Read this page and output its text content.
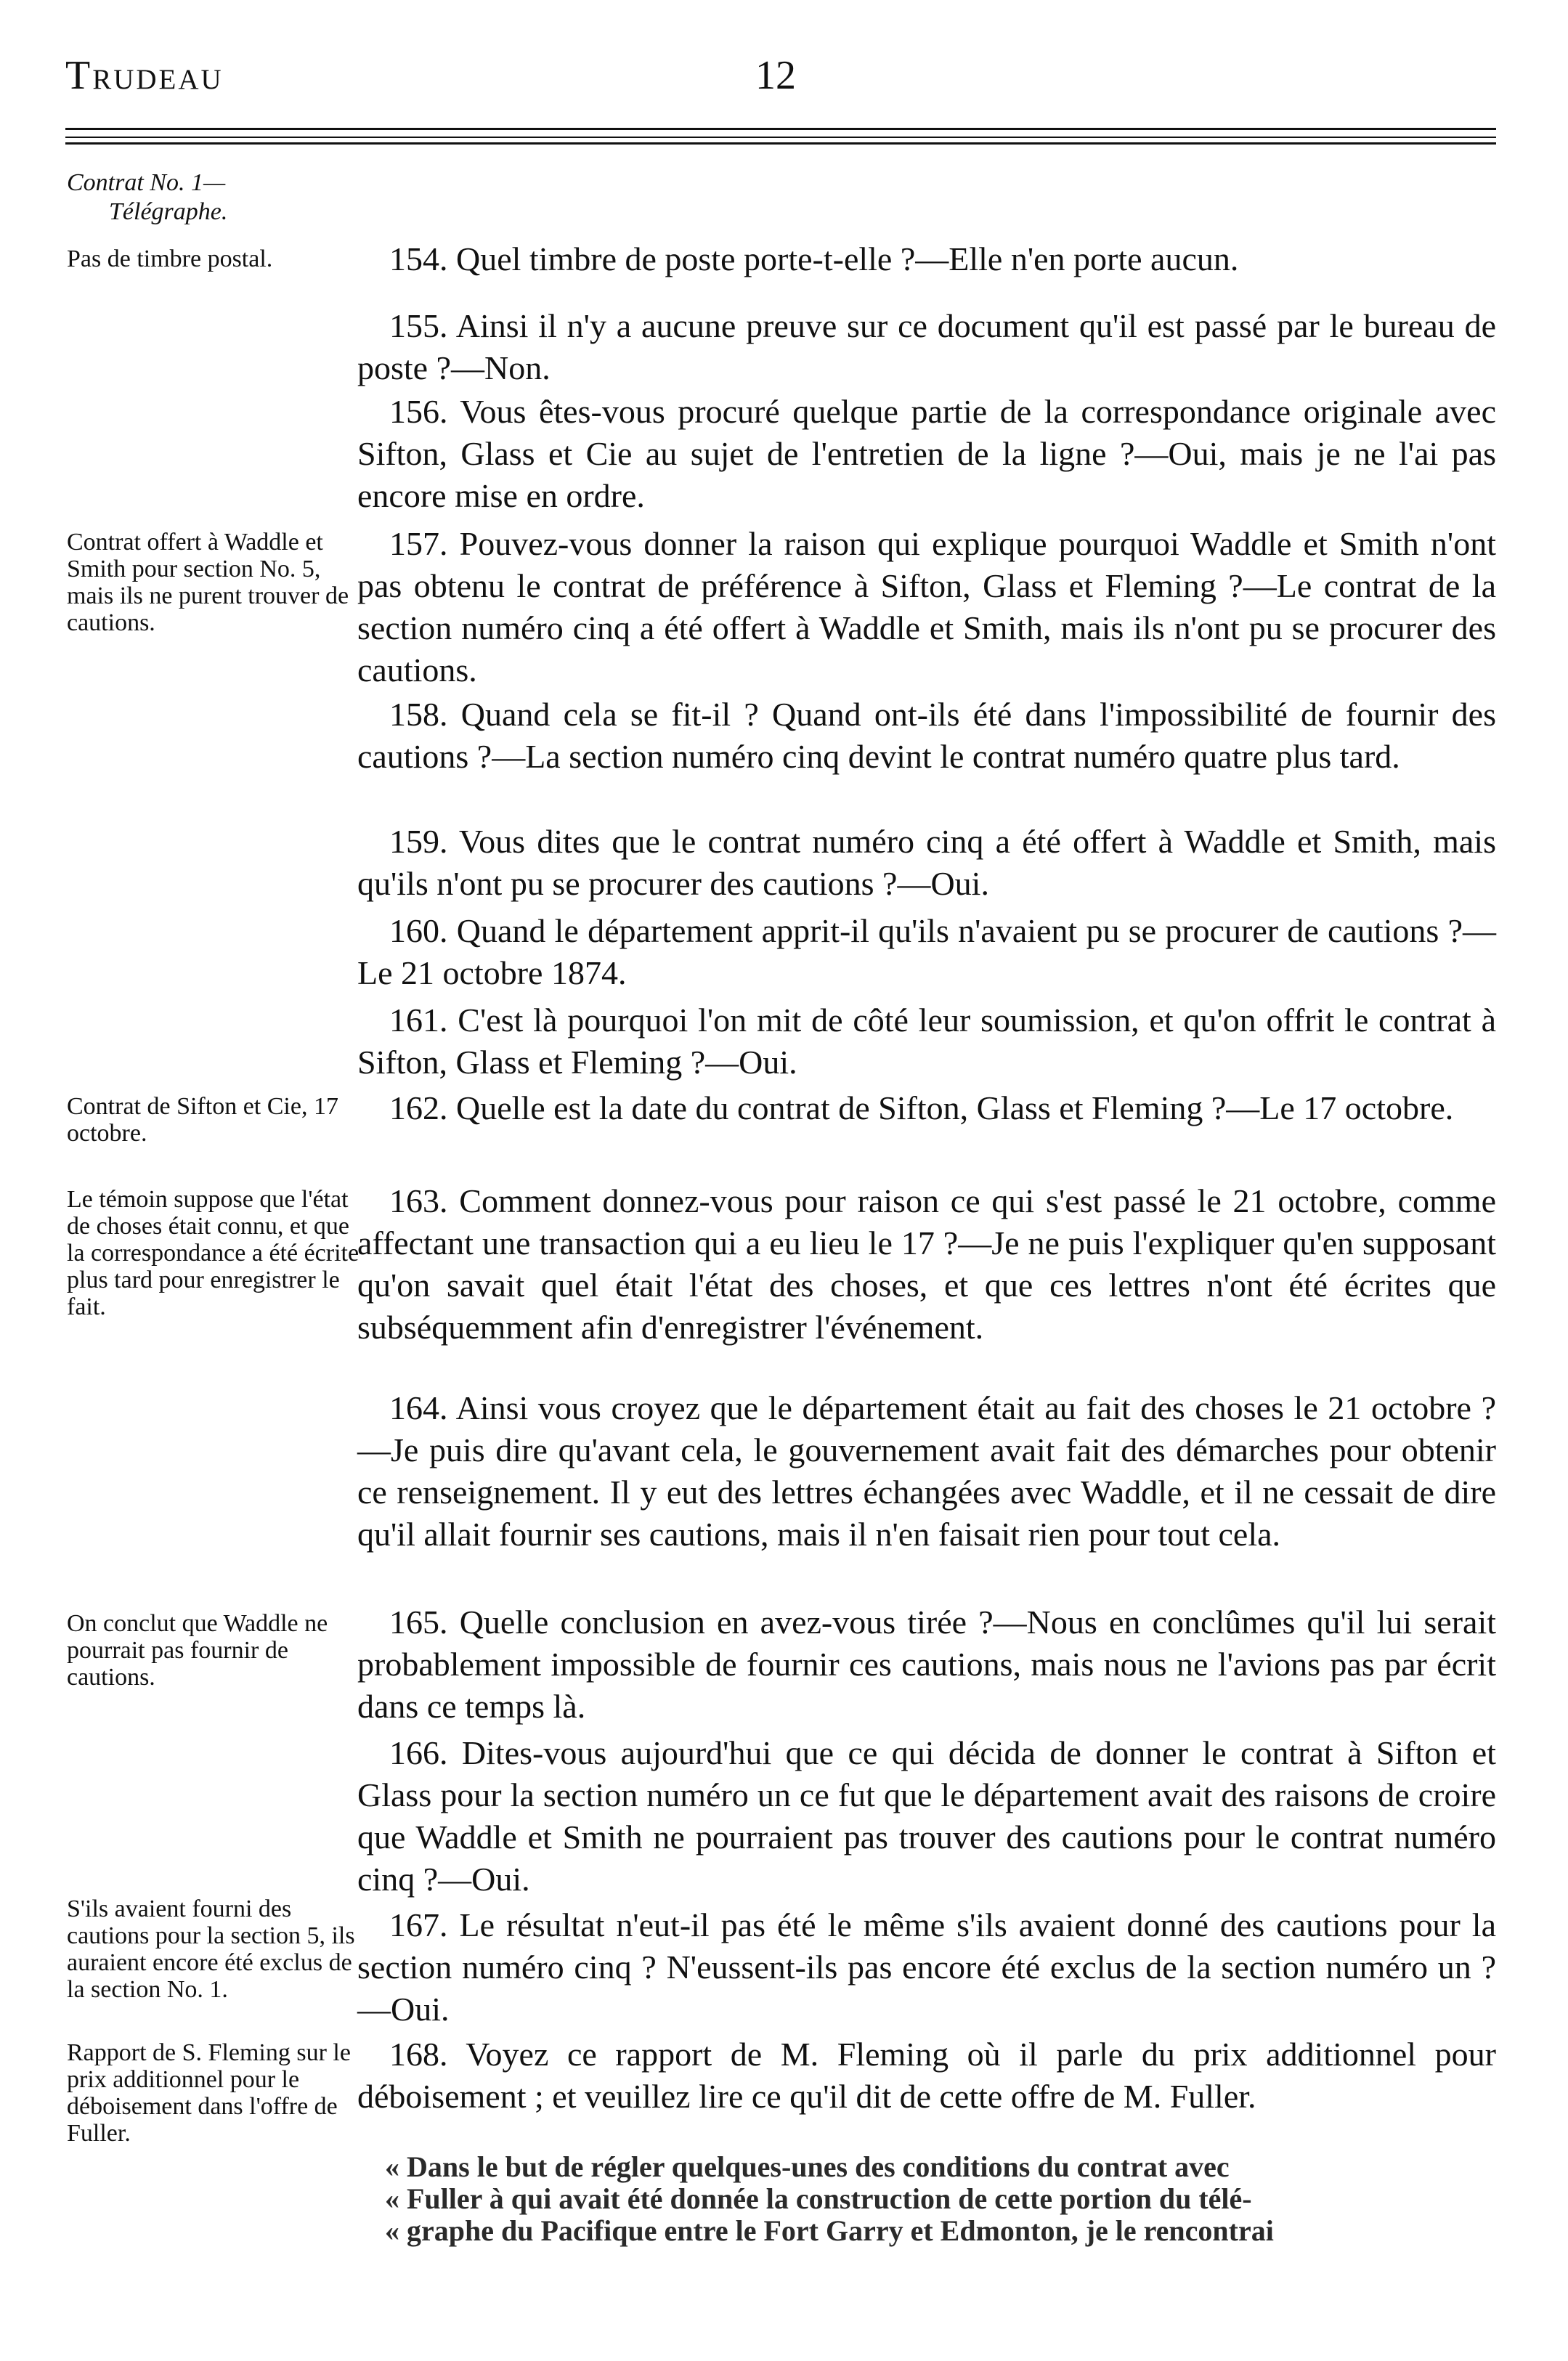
Trudeau	12
Contrat No. 1—
Télégraphe.
Pas de timbre postal.	154. Quel timbre de poste porte-t-elle ?—Elle n'en porte aucun.
155. Ainsi il n'y a aucune preuve sur ce document qu'il est passé par le bureau de poste ?—Non.
156. Vous êtes-vous procuré quelque partie de la correspondance originale avec Sifton, Glass et Cie au sujet de l'entretien de la ligne ?—Oui, mais je ne l'ai pas encore mise en ordre.
Contrat offert à Waddle et Smith pour section No. 5, mais ils ne purent trouver de cautions.
157. Pouvez-vous donner la raison qui explique pourquoi Waddle et Smith n'ont pas obtenu le contrat de préférence à Sifton, Glass et Fleming ?—Le contrat de la section numéro cinq a été offert à Waddle et Smith, mais ils n'ont pu se procurer des cautions.
158. Quand cela se fit-il ? Quand ont-ils été dans l'impossibilité de fournir des cautions ?—La section numéro cinq devint le contrat numéro quatre plus tard.
159. Vous dites que le contrat numéro cinq a été offert à Waddle et Smith, mais qu'ils n'ont pu se procurer des cautions ?—Oui.
160. Quand le département apprit-il qu'ils n'avaient pu se procurer de cautions ?—Le 21 octobre 1874.
161. C'est là pourquoi l'on mit de côté leur soumission, et qu'on offrit le contrat à Sifton, Glass et Fleming ?—Oui.
Contrat de Sifton et Cie, 17 octobre.
162. Quelle est la date du contrat de Sifton, Glass et Fleming ?—Le 17 octobre.
Le témoin suppose que l'état de choses était connu, et que la correspondance a été écrite plus tard pour enregistrer le fait.
163. Comment donnez-vous pour raison ce qui s'est passé le 21 octobre, comme affectant une transaction qui a eu lieu le 17 ?—Je ne puis l'expliquer qu'en supposant qu'on savait quel était l'état des choses, et que ces lettres n'ont été écrites que subséquemment afin d'enregistrer l'événement.
164. Ainsi vous croyez que le département était au fait des choses le 21 octobre ?—Je puis dire qu'avant cela, le gouvernement avait fait des démarches pour obtenir ce renseignement. Il y eut des lettres échangées avec Waddle, et il ne cessait de dire qu'il allait fournir ses cautions, mais il n'en faisait rien pour tout cela.
On conclut que Waddle ne pourrait pas fournir de cautions.
165. Quelle conclusion en avez-vous tirée ?—Nous en conclûmes qu'il lui serait probablement impossible de fournir ces cautions, mais nous ne l'avions pas par écrit dans ce temps là.
166. Dites-vous aujourd'hui que ce qui décida de donner le contrat à Sifton et Glass pour la section numéro un ce fut que le département avait des raisons de croire que Waddle et Smith ne pourraient pas trouver des cautions pour le contrat numéro cinq ?—Oui.
S'ils avaient fourni des cautions pour la section 5, ils auraient encore été exclus de la section No. 1.
167. Le résultat n'eut-il pas été le même s'ils avaient donné des cautions pour la section numéro cinq ? N'eussent-ils pas encore été exclus de la section numéro un ?—Oui.
Rapport de S. Fleming sur le prix additionnel pour le déboisement dans l'offre de Fuller.
168. Voyez ce rapport de M. Fleming où il parle du prix additionnel pour déboisement ; et veuillez lire ce qu'il dit de cette offre de M. Fuller.
« Dans le but de régler quelques-unes des conditions du contrat avec
« Fuller à qui avait été donnée la construction de cette portion du télé-
« graphe du Pacifique entre le Fort Garry et Edmonton, je le rencontrai
